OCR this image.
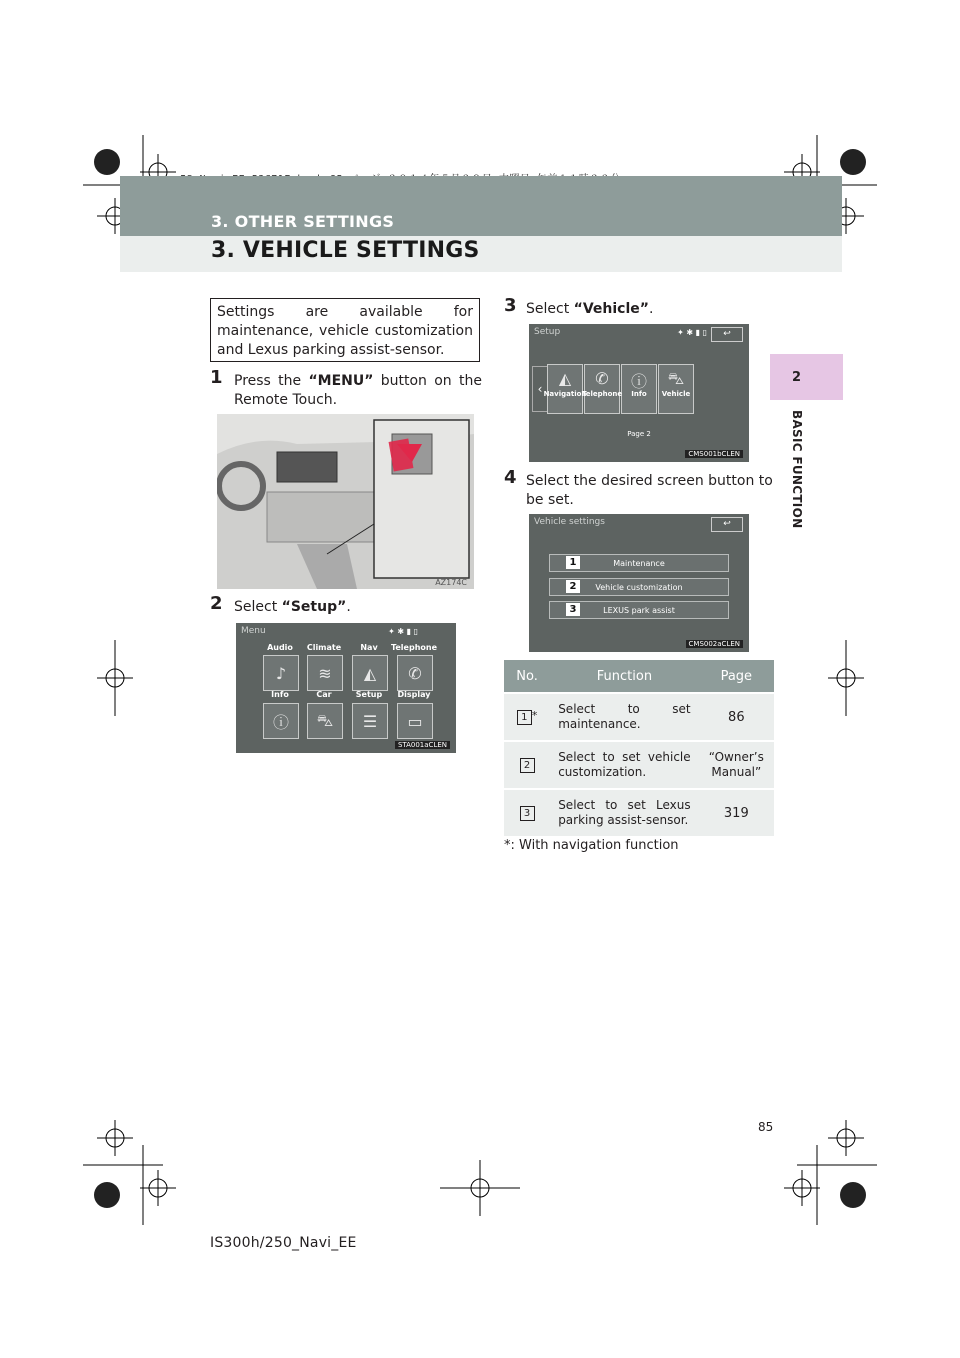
3. OTHER SETTINGS
3. VEHICLE SETTINGS
2
BASIC FUNCTION
Settings are available for maintenance, vehicle customization and Lexus parking assist-sensor.
1 Press the “MENU” button on the Remote Touch.
AZ174C
2 Select “Setup”.
Menu	✦ ✱ ▮ ▯
Audio	Climate	Nav	Telephone
♪	≋	◭	✆
Info	Car	Setup	Display
ⓘ	⛍	☰	▭
STA001aCLEN
3 Select “Vehicle”.
Setup	✦ ✱ ▮ ▯	↩
‹
◭	✆	ⓘ	⛍
Navigation
Telephone	Info	Vehicle
Page 2
CMS001bCLEN
4 Select the desired screen button to be set.
Vehicle settings	↩
Maintenance
Vehicle customization
LEXUS park assist
1
2
3
CMS002aCLEN
No.	Function	Page
1 *	Select to set maintenance.	86
2	Select to set vehicle customization.	“Owner’s Manual”
3	Select to set Lexus parking assist-sensor.	319
*: With navigation function
85
IS300h/250_Navi_EE
